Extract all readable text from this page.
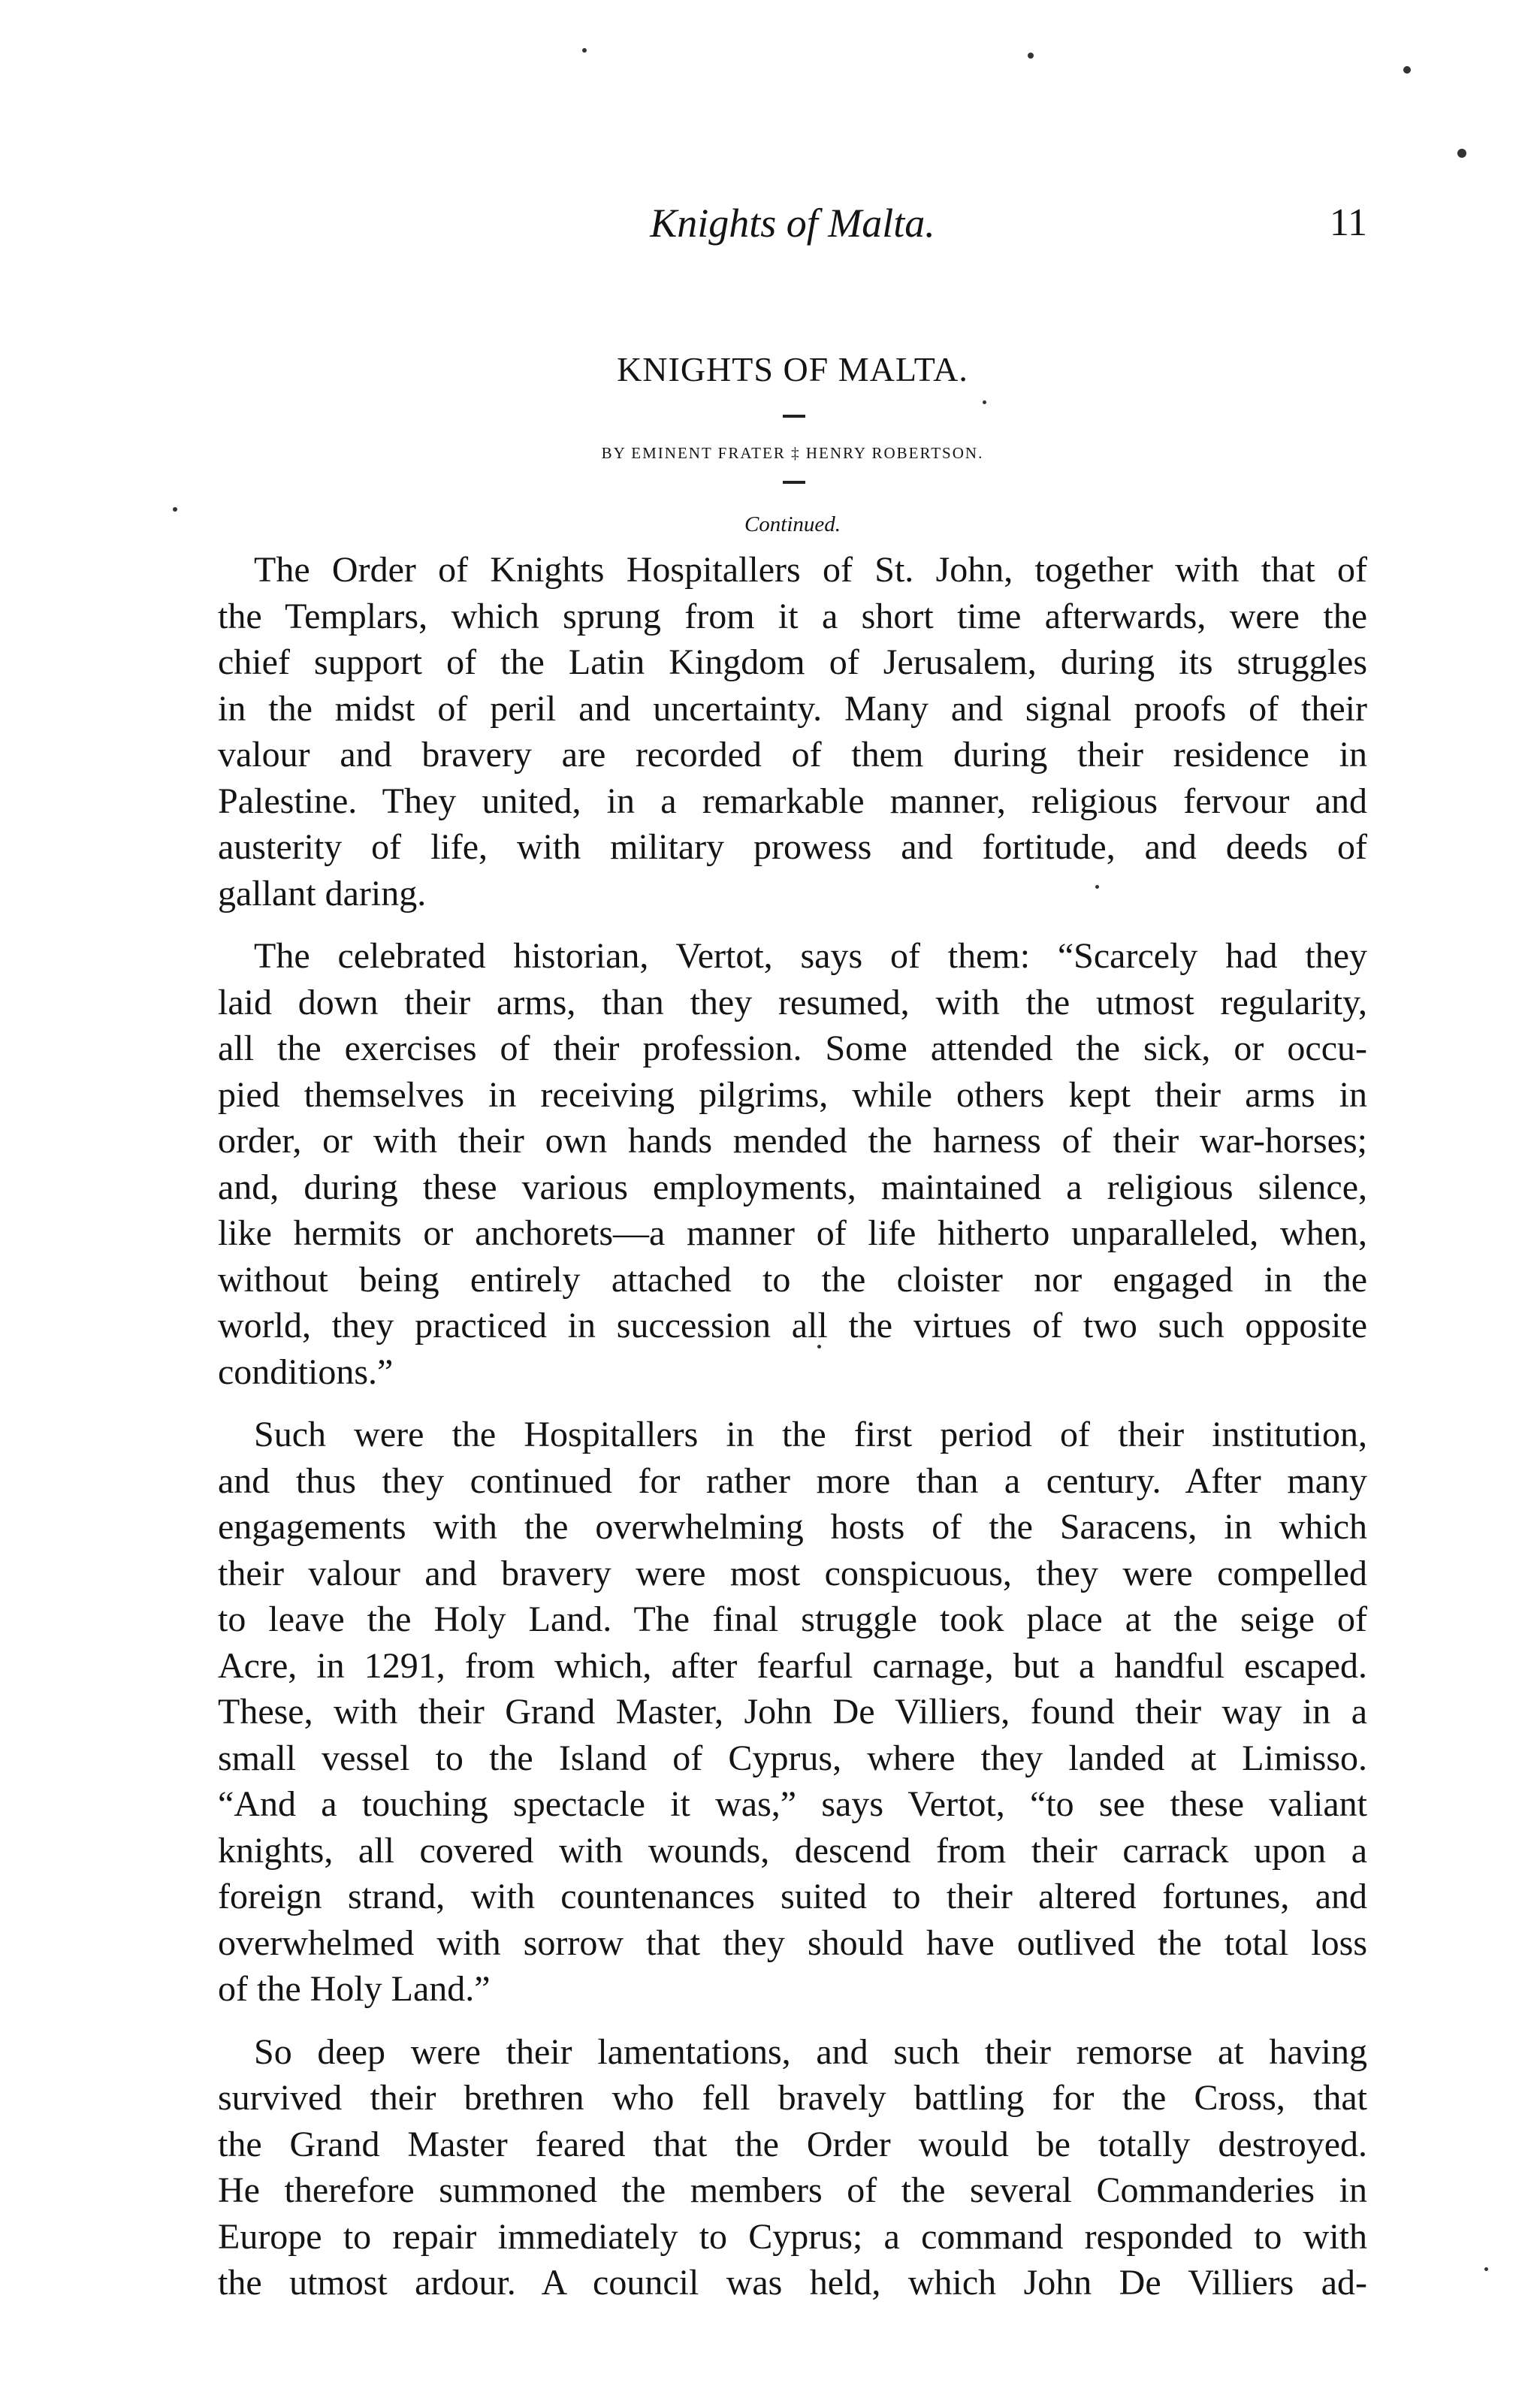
Knights of Malta.	11
KNIGHTS OF MALTA.
BY EMINENT FRATER ‡ HENRY ROBERTSON.
Continued.
The Order of Knights Hospitallers of St. John, together with that of
the Templars, which sprung from it a short time afterwards, were the
chief support of the Latin Kingdom of Jerusalem, during its struggles
in the midst of peril and uncertainty. Many and signal proofs of their
valour and bravery are recorded of them during their residence in
Palestine. They united, in a remarkable manner, religious fervour and
austerity of life, with military prowess and fortitude, and deeds of
gallant daring.
The celebrated historian, Vertot, says of them: “Scarcely had they
laid down their arms, than they resumed, with the utmost regularity,
all the exercises of their profession. Some attended the sick, or occu-
pied themselves in receiving pilgrims, while others kept their arms in
order, or with their own hands mended the harness of their war-horses;
and, during these various employments, maintained a religious silence,
like hermits or anchorets—a manner of life hitherto unparalleled, when,
without being entirely attached to the cloister nor engaged in the
world, they practiced in succession all the virtues of two such opposite
conditions.”
Such were the Hospitallers in the first period of their institution,
and thus they continued for rather more than a century. After many
engagements with the overwhelming hosts of the Saracens, in which
their valour and bravery were most conspicuous, they were compelled
to leave the Holy Land. The final struggle took place at the seige of
Acre, in 1291, from which, after fearful carnage, but a handful escaped.
These, with their Grand Master, John De Villiers, found their way in a
small vessel to the Island of Cyprus, where they landed at Limisso.
“And a touching spectacle it was,” says Vertot, “to see these valiant
knights, all covered with wounds, descend from their carrack upon a
foreign strand, with countenances suited to their altered fortunes, and
overwhelmed with sorrow that they should have outlived the total loss
of the Holy Land.”
So deep were their lamentations, and such their remorse at having
survived their brethren who fell bravely battling for the Cross, that
the Grand Master feared that the Order would be totally destroyed.
He therefore summoned the members of the several Commanderies in
Europe to repair immediately to Cyprus; a command responded to with
the utmost ardour. A council was held, which John De Villiers ad-
